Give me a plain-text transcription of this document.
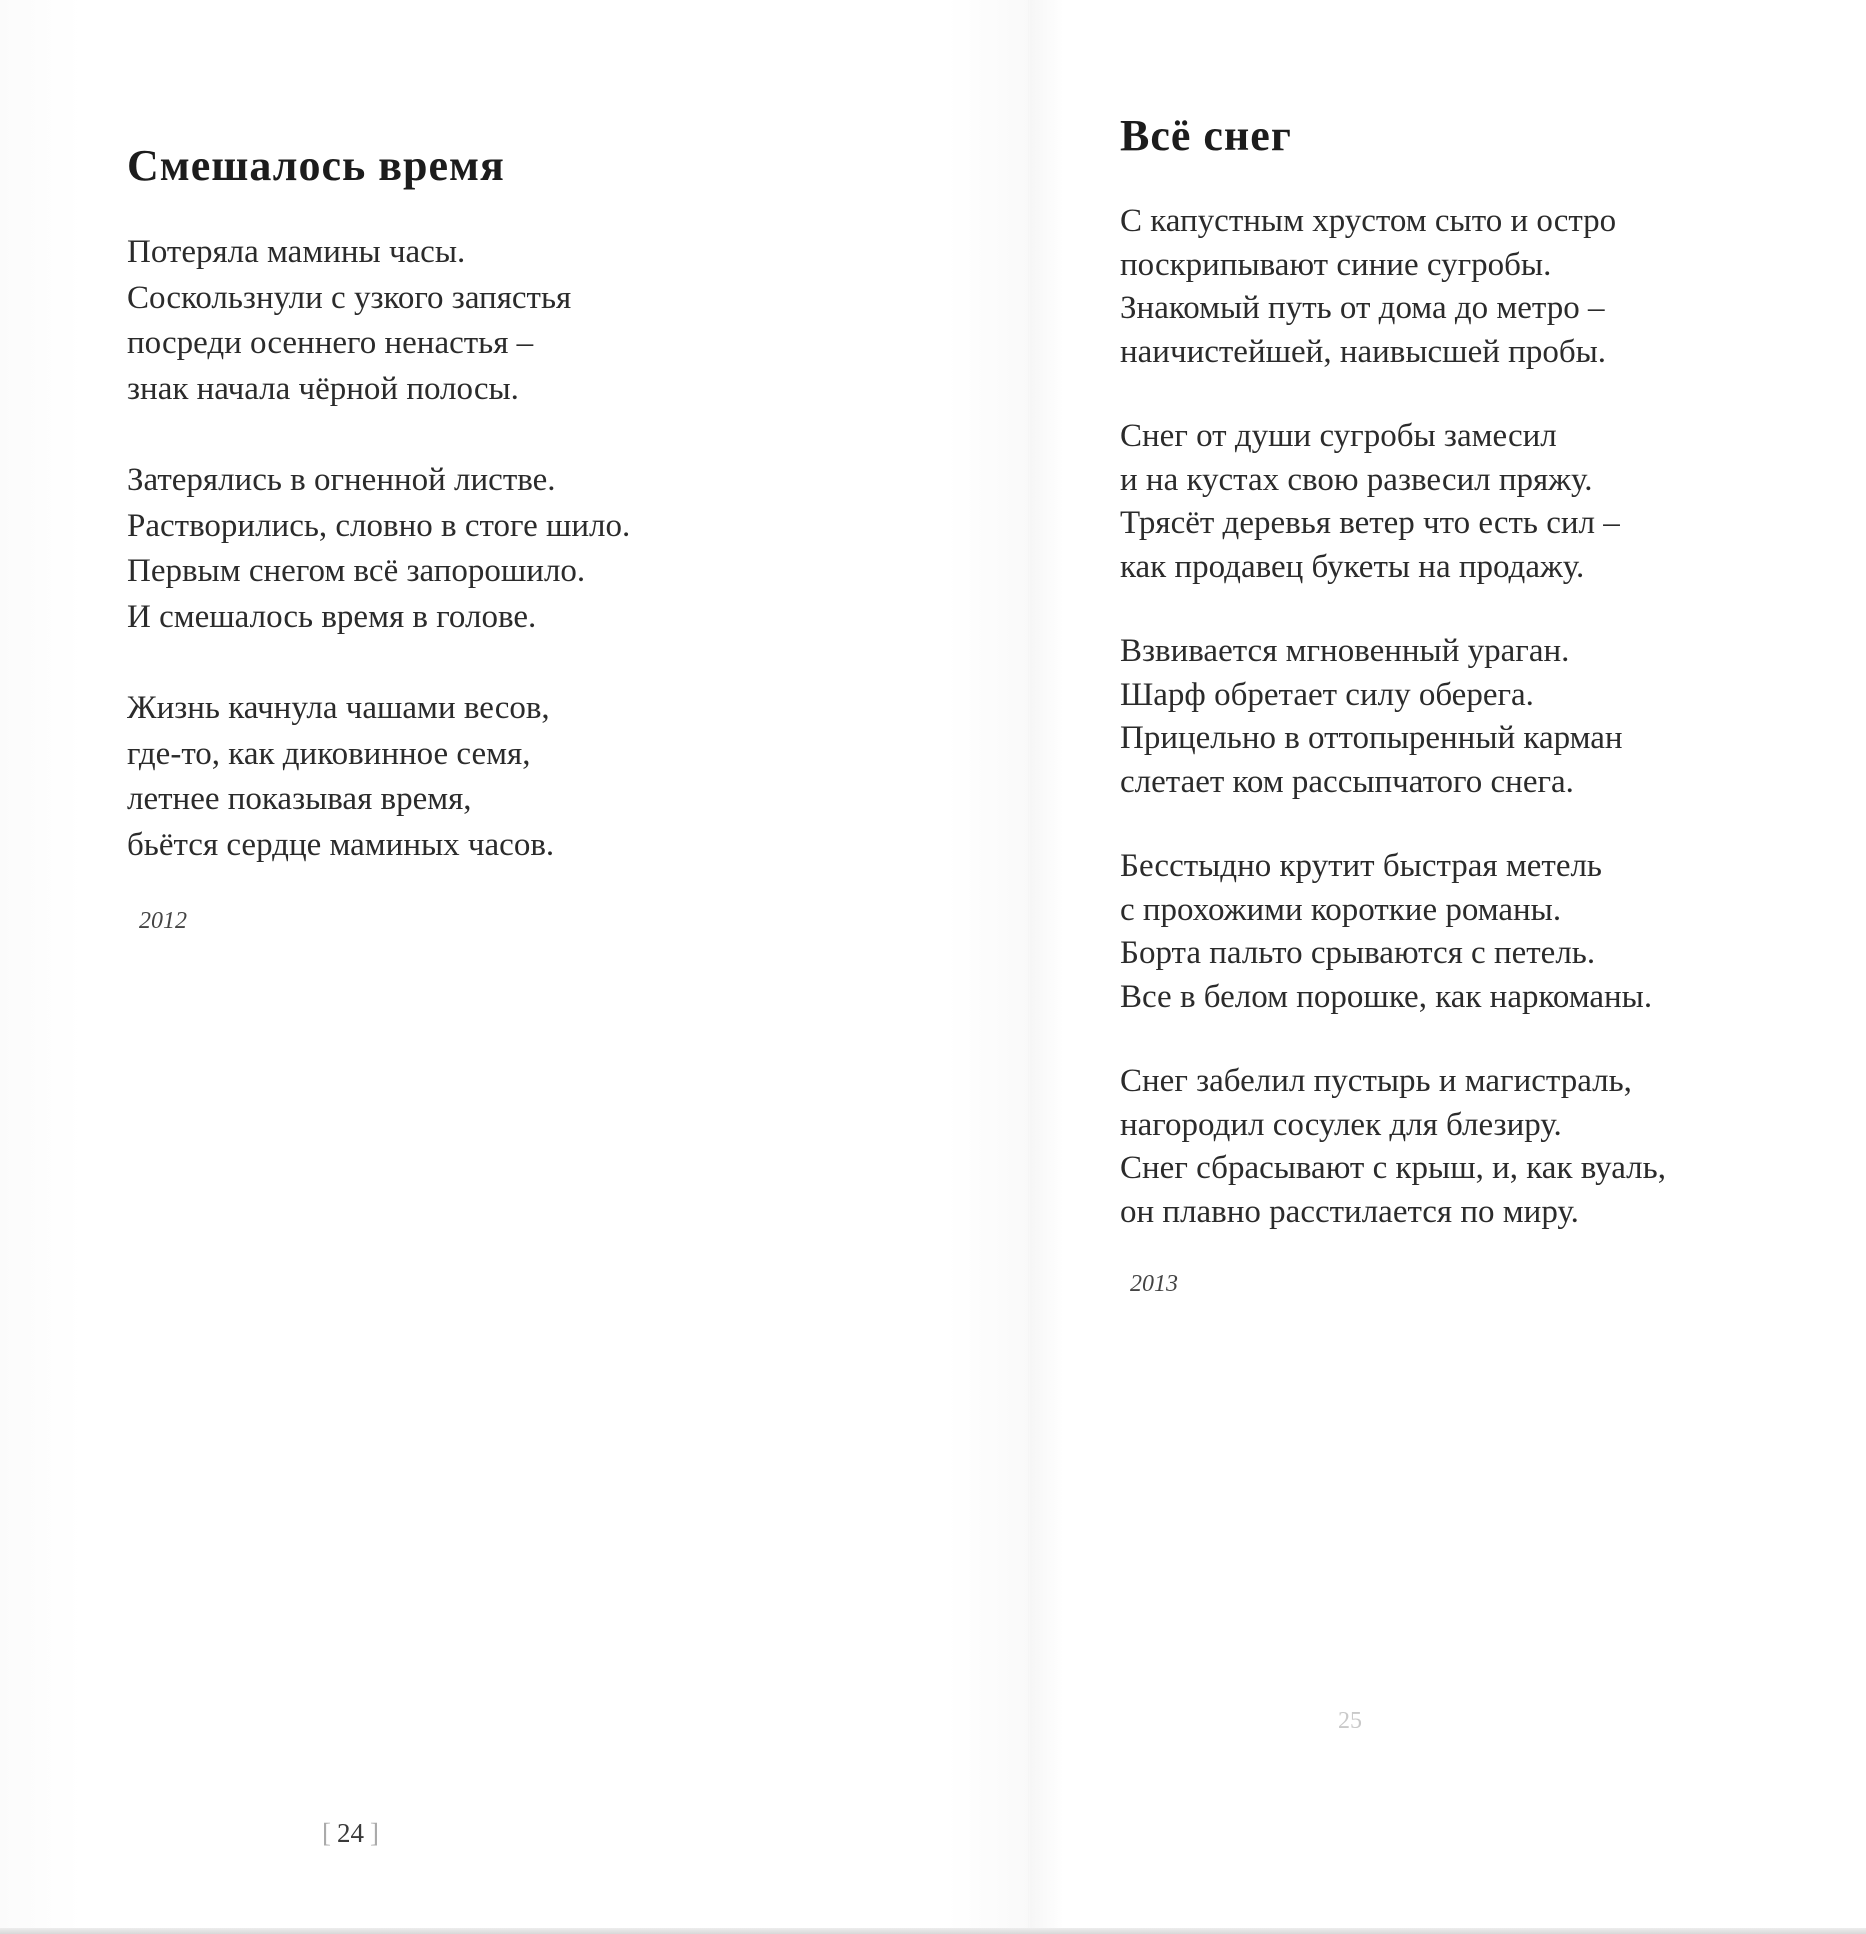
Смешалось время
Потеряла мамины часы.
Соскользнули с узкого запястья
посреди осеннего ненастья –
знак начала чёрной полосы.
Затерялись в огненной листве.
Растворились, словно в стоге шило.
Первым снегом всё запорошило.
И смешалось время в голове.
Жизнь качнула чашами весов,
где-то, как диковинное семя,
летнее показывая время,
бьётся сердце маминых часов.
2012
[ 24 ]
Всё снег
С капустным хрустом сыто и остро
поскрипывают синие сугробы.
Знакомый путь от дома до метро –
наичистейшей, наивысшей пробы.
Снег от души сугробы замесил
и на кустах свою развесил пряжу.
Трясёт деревья ветер что есть сил –
как продавец букеты на продажу.
Взвивается мгновенный ураган.
Шарф обретает силу оберега.
Прицельно в оттопыренный карман
слетает ком рассыпчатого снега.
Бесстыдно крутит быстрая метель
с прохожими короткие романы.
Борта пальто срываются с петель.
Все в белом порошке, как наркоманы.
Снег забелил пустырь и магистраль,
нагородил сосулек для блезиру.
Снег сбрасывают с крыш, и, как вуаль,
он плавно расстилается по миру.
2013
25
